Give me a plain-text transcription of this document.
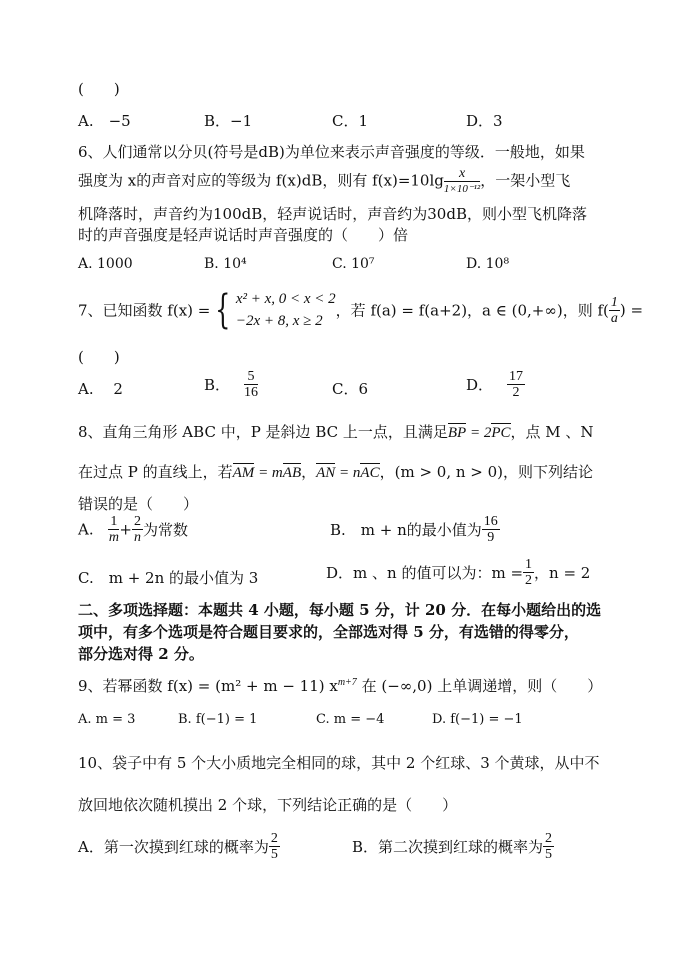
(　　)
A.　−5	B．−1	C．1	D．3
6、人们通常以分贝(符号是dB)为单位来表示声音强度的等级．一般地，如果
强度为 x的声音对应的等级为 f(x)dB，则有 $f(x)=10\lg \frac{x}{\text{1×10⁻¹²}}$ ，一架小型飞
机降落时，声音约为100dB，轻声说话时，声音约为30dB，则小型飞机降落
时的声音强度是轻声说话时声音强度的（　　）倍
A. 1000	B. 10⁴	C. 10⁷	D. 10⁸
7、已知函数 f(x) = { x² + x, 0 < x < 2
−2x + 8, x ≥ 2
，若 f(a) = f(a+2)，a ∈ (0,+∞)，则 $f( \frac{1}{a}$ ) =
(　　)
A.　 2	B． $\frac{5}{16}$	C．6	D． $\frac{17}{2}$
8、直角三角形 ABC 中，P 是斜边 BC 上一点，且满足BP = 2PC，点 M 、N
在过点 P 的直线上，若AM = mAB，AN = nAC，(m > 0, n > 0)，则下列结论
错误的是（　　）
A. $\frac{1}{m} + \frac{2}{n}$ 为常数	B.　m + n的最小值为 $\frac{16}{9}$
C.　m + 2n 的最小值为 3	D．m 、n 的值可以为：$m = \frac{1}{2}$ ，n = 2
二、多项选择题：本题共 4 小题，每小题 5 分，计 20 分．在每小题给出的选
项中，有多个选项是符合题目要求的，全部选对得 5 分，有选错的得零分，
部分选对得 2 分。
9、若幂函数 f(x) = (m² + m − 11) $x^{m+7}$ 在 (−∞,0) 上单调递增，则（　　）
A. m = 3	B. f(−1) = 1	C. m = −4	D. f(−1) = −1
10、袋子中有 5 个大小质地完全相同的球，其中 2 个红球、3 个黄球，从中不
放回地依次随机摸出 2 个球，下列结论正确的是（　　）
A．第一次摸到红球的概率为 $\frac{2}{5}$	B．第二次摸到红球的概率为 $\frac{2}{5}$
